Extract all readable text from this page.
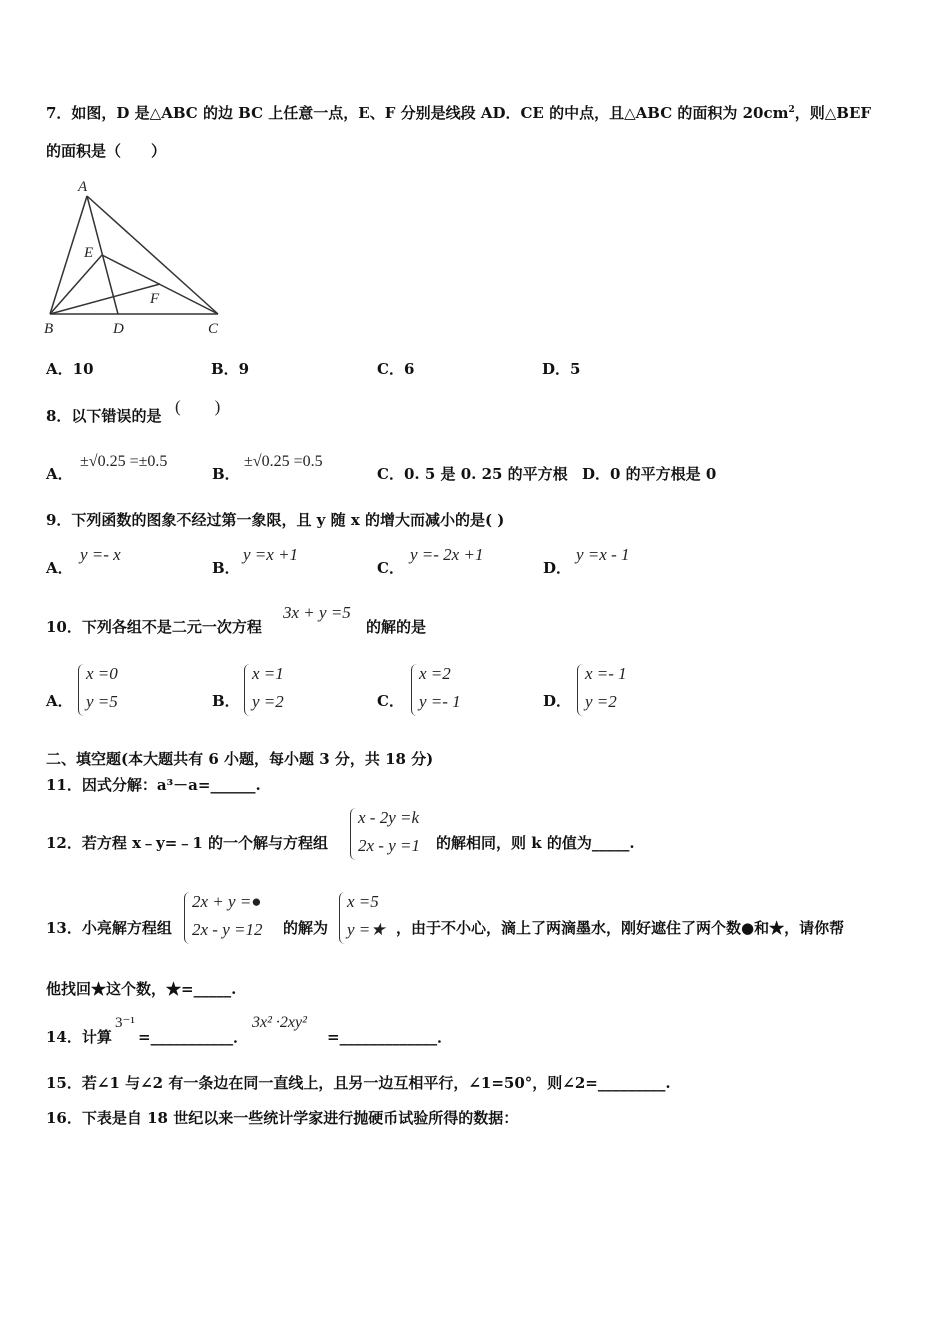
7．如图，D 是△ABC 的边 BC 上任意一点，E、F 分别是线段 AD．CE 的中点，且△ABC 的面积为 $20cm^2$，则△BEF
的面积是（　　）
A
B	C
D
E
F
A．10	B．9	C．6	D．5
8．以下错误的是 (　　)
A．
±√0.25 =±0.5
B．
±√0.25 =0.5
C．0. 5 是 0. 25 的平方根 D．0 的平方根是 0
9．下列函数的图象不经过第一象限，且 y 随 x 的增大而减小的是( )
A．
y =- x
B．
y =x +1
C．
y =- 2x +1
D．
y =x - 1
10．下列各组不是二元一次方程
3x + y =5
的解的是
A．
x =0
y =5	B．
x =1
y =2	C．
x =2
y =- 1	D．
x =- 1
y =2
二、填空题(本大题共有 6 小题，每小题 3 分，共 18 分)
11．因式分解：a³－a=______.
12．若方程 x﹣y=﹣1 的一个解与方程组
x - 2y =k
2x - y =1 的解相同，则 k 的值为_____.
13．小亮解方程组
2x + y =●
2x - y =12 的解为
x =5
y =★ ，由于不小心，滴上了两滴墨水，刚好遮住了两个数●和★，请你帮
他找回★这个数，★=_____.
14．计算
3⁻¹
=___________．
3x² ·2xy²
=_____________．
15．若∠1 与∠2 有一条边在同一直线上，且另一边互相平行，∠1=50°，则∠2=_________.
16．下表是自 18 世纪以来一些统计学家进行抛硬币试验所得的数据：
